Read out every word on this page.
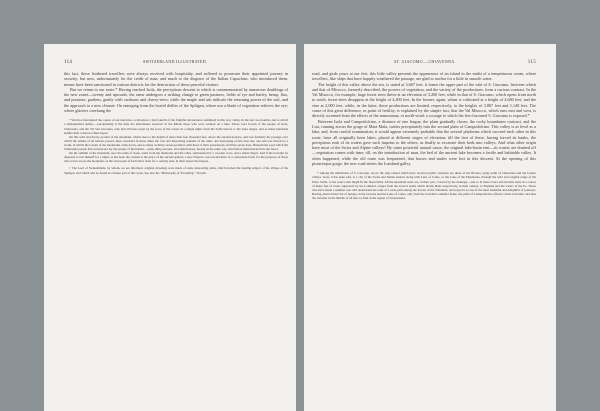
114	SWITZERLAND ILLUSTRATED.

this fact, these feathered travellers were always received with hospitality, and suffered to prosecute their appointed journey in security; but now, unfortunately for the credit of man, and much to the disgrace of the Italian Capuchins, who introduced them, means have been sanctioned in various districts for the destruction of these peaceful visitors.

But we return to our route.* Having reached Isola, the precipitous descent to which is commemorated by numerous doublings of the new zones—twenty and upwards, the same undergoes a striking change to green pastures, fields of rye and barley, hemp, flax, and potatoes; gardens, gently with cardoons and cherry-trees; while the maple and ash indicate the returning power of the soil, and the approach to a new climate. On emerging from the horrid defiles of the Splügen, where nor a blade of vegetation relieves the eye; where glaciers overhang the

* We have interrupted the course of our narrative, to introduce a brief sketch of the frightful devastation committed in this very valley. In the last two months, and to which a distinguished author,—precipitating at the time the unfortunate reservoir in the Rhone those who were without on a lake. Those were frozen of the people of Isola, Chiavenna, and the Val San Giacomo, who had all been swept by the force of the waters in a single night, from the Saint-Sauves to the Isola ranges, and as many hundreds neither their wants nor their hopes.

On this wild and dreary portion of the mountain, which rises to the height of more than four thousand feet, above the ancient hospice, and was formerly the passage over which the armies of all nations passed, there ascended in those times the vast and interesting remains of the ruins, and destroying on the next day, one and was drawn by a storm, in which the torrent of the mountains came down, and as many as thirty-seven perished, with most of their possessions, in thirty-seven days. Beneath the road which the Chiavenna people had constructed lay the people of the hamlet—some thirty persons, and eight houses, mostly in the same way. And before them hurried into the flood.

On the summit of the mountain, now the ruins of stone, some from the memorial and the other, surmounted by a wooden cross, and a small chapel. And if the traveller be disposed to rest himself for a night, as has been the custom at the place of the ancient gallery, a new Hospice was erected there in a convenient form, for the purposes of those who travel across the mountain, as the old people of Isola have done for a century past, in their respective houses.

† The Lord of Swinemünde, by whom, we are informed, original drawings were made of some interesting plans, which formed the leading subject of the village of the Splügen, and which will be found in a future part of this work. See also his "Philosophy of Travelling," 3rd edit.

ST. GIACOMO.—CHIAVENNA.	115

road, and girds yours at our feet, this little valley presents the appearance of an island in the midst of a tempestuous ocean, where travellers, like ships that have happily weathered the passage, are glad to anchor for a little in smooth water.

The height of this valley above the sea, is stated at 3,667 feet: it forms the upper part of the vale of S. Giacomo, between which and that of Misocco, formerly described, the powers of vegetation, and the variety of the productions, form a curious contrast. In the Val Misocco, for example, large forest trees thrive at an elevation of 3,200 feet; while in that of S. Giacomo, which opens from north to south, forest-trees disappear at the height of 4,400 feet. In the former, again, wheat is cultivated at a height of 4,600 feet, and the vine at 2,000 feet; while, in the latter, these productions are limited, respectively, to the heights of 3,867 feet and 1,148 feet. The cause of this great difference, in point of fertility, is explained by the simple fact, that the Val Misocco, which runs east and west, is directly screened from the effects of the tramontana, or north-wind; a scourge to which the less-favoured S. Giacomo is exposed.*

Between Isola and Campodolcino, a distance of one league, the plain gradually closes; the rocky boundaries contract, and the Lira, running across the gorge of Mata Mala, rushes precipitately into the second plain of Campodolcino. This valley is as level as a lake; and, from careful examination, it would appear extremely probable that the several platforms which succeed each other in this route, have all originally been lakes, placed at different stages of elevation; till the first of these, having forced its banks, the precipitous rush of its waters gave such impetus to the others, as finally to excavate their beds into valleys. And what other origin have most of the Swiss and Alpine valleys? By some powerful natural cause, the original lake-basin rent—its waters are drained off—vegetation comes with time; till, on the introduction of man, the bed of the ancient lake becomes a fertile and habitable valley. It often happened, while the old route was frequented, that horses and mules were lost in this descent. At the opening of this picturesque gorge, the new road enters the Lombard galley.

* Among the inhabitants of S. Giacomo, above the only ruined which have received public attention are those of the Riviera, lying south of Chiavenna and the former valleys. Isola, it has been said, is a city of the Swiss and Italian nations along with Lake of Como, or the Lake of the Mountains, through the wild and original range of the Pizzo Stella, to the source that might fit the fairest hills. All the mountain sides are, in their part, covered by the drainage—and so in these rivers and streams issue in a course of many feet of water, supported by the Lombard, ranges from the several peaks which divide them respectively, in their valleys, to England and the waters of the Po. Those who have made a summer tour will understand the wine of a wide path among the forests of the Valtellina; and regard it as one of the most healthful and delightful of journeys. Having observed the Val of Spluga, in the Grisons and the Lake of Como, only from the traveller's summer home, the plain of Campodolcino affords a little welcome; and thus the traveller in the middle of all this we find in the region of Switzerland.
